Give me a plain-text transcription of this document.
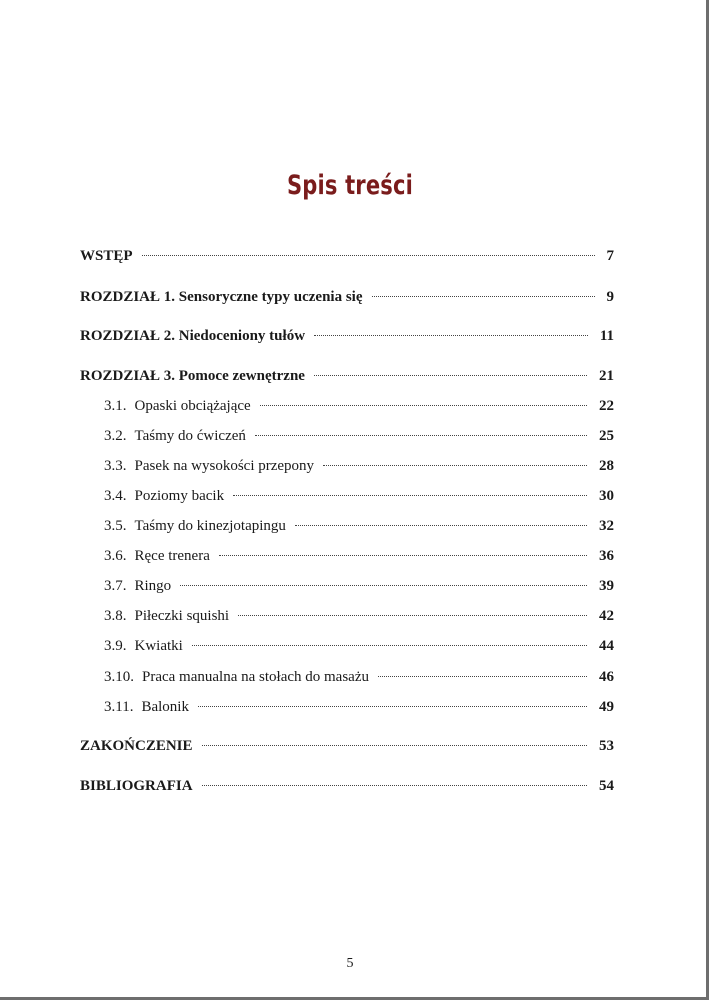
Spis treści
WSTĘP	7
ROZDZIAŁ 1. Sensoryczne typy uczenia się	9
ROZDZIAŁ 2. Niedoceniony tułów	11
ROZDZIAŁ 3. Pomoce zewnętrzne	21
3.1. Opaski obciążające	22
3.2. Taśmy do ćwiczeń	25
3.3. Pasek na wysokości przepony	28
3.4. Poziomy bacik	30
3.5. Taśmy do kinezjotapingu	32
3.6. Ręce trenera	36
3.7. Ringo	39
3.8. Piłeczki squishi	42
3.9. Kwiatki	44
3.10. Praca manualna na stołach do masażu	46
3.11. Balonik	49
ZAKOŃCZENIE	53
BIBLIOGRAFIA	54
5
